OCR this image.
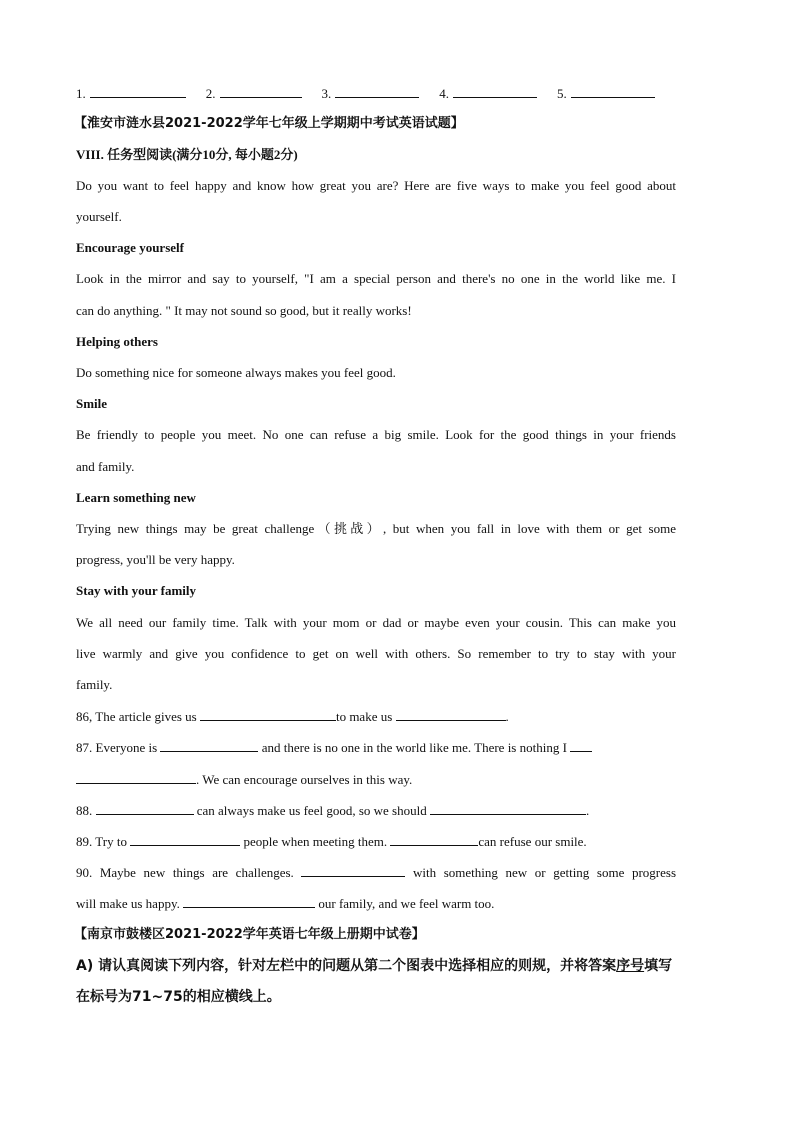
1.	2.	3.	4.	5.
【淮安市涟水县2021-2022学年七年级上学期期中考试英语试题】
VIII. 任务型阅读(满分10分, 每小题2分)
Do you want to feel happy and know how great you are? Here are five ways to make you feel good about
yourself.
Encourage yourself
Look in the mirror and say to yourself, "I am a special person and there's no one in the world like me. I
can do anything. " It may not sound so good, but it really works!
Helping others
Do something nice for someone always makes you feel good.
Smile
Be friendly to people you meet. No one can refuse a big smile. Look for the good things in your friends
and family.
Learn something new
Trying new things may be great challenge（挑战）, but when you fall in love with them or get some
progress, you'll be very happy.
Stay with your family
We all need our family time. Talk with your mom or dad or maybe even your cousin. This can make you
live warmly and give you confidence to get on well with others. So remember to try to stay with your
family.
86, The article gives us	to make us	.
87. Everyone is	and there is no one in the world like me. There is nothing I
. We can encourage ourselves in this way.
88.	can always make us feel good, so we should	.
89. Try to	people when meeting them.	can refuse our smile.
90. Maybe new things are challenges.	with something new or getting some progress
will make us happy.	our family, and we feel warm too.
【南京市鼓楼区2021-2022学年英语七年级上册期中试卷】
A) 请认真阅读下列内容，针对左栏中的问题从第二个图表中选择相应的则规，并将答案序号填写
在标号为71~75的相应横线上。
